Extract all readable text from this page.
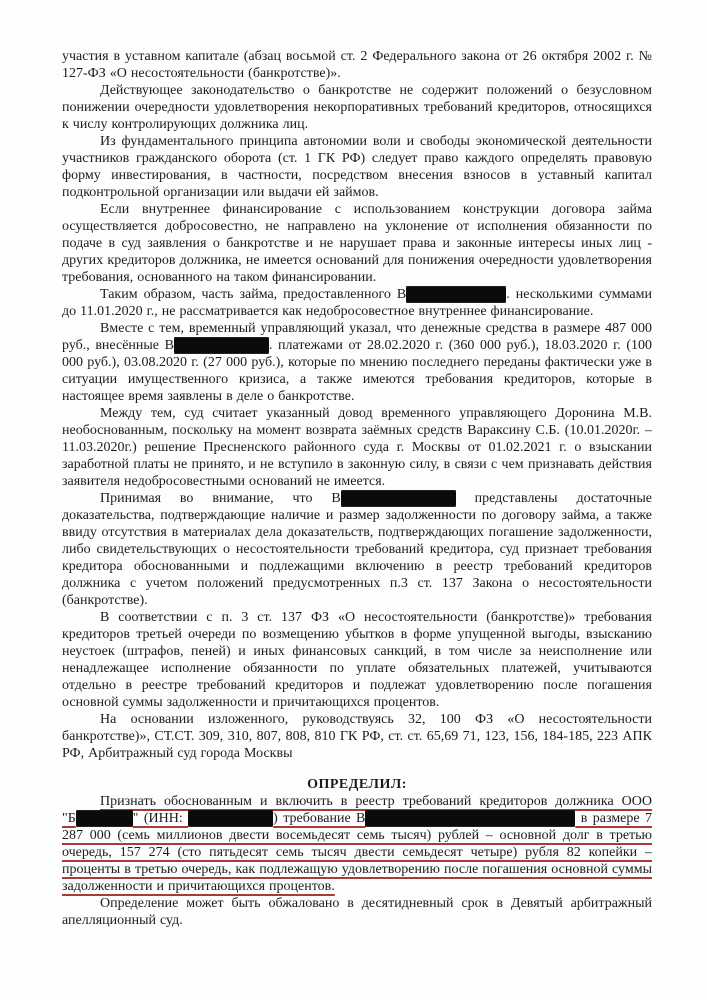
участия в уставном капитале (абзац восьмой ст. 2 Федерального закона от 26 октября 2002 г. № 127-ФЗ «О несостоятельности (банкротстве)».

Действующее законодательство о банкротстве не содержит положений о безусловном понижении очередности удовлетворения некорпоративных требований кредиторов, относящихся к числу контролирующих должника лиц.

Из фундаментального принципа автономии воли и свободы экономической деятельности участников гражданского оборота (ст. 1 ГК РФ) следует право каждого определять правовую форму инвестирования, в частности, посредством внесения взносов в уставный капитал подконтрольной организации или выдачи ей займов.

Если внутреннее финансирование с использованием конструкции договора займа осуществляется добросовестно, не направлено на уклонение от исполнения обязанности по подаче в суд заявления о банкротстве и не нарушает права и законные интересы иных лиц - других кредиторов должника, не имеется оснований для понижения очередности удовлетворения требования, основанного на таком финансировании.

Таким образом, часть займа, предоставленного В	. несколькими суммами до 11.01.2020 г., не рассматривается как недобросовестное внутреннее финансирование.

Вместе с тем, временный управляющий указал, что денежные средства в размере 487 000 руб., внесённые В	. платежами от 28.02.2020 г. (360 000 руб.), 18.03.2020 г. (100 000 руб.), 03.08.2020 г. (27 000 руб.), которые по мнению последнего переданы фактически уже в ситуации имущественного кризиса, а также имеются требования кредиторов, которые в настоящее время заявлены в деле о банкротстве.

Между тем, суд считает указанный довод временного управляющего Доронина М.В. необоснованным, поскольку на момент возврата заёмных средств Вараксину С.Б. (10.01.2020г. – 11.03.2020г.) решение Пресненского районного суда г. Москвы от 01.02.2021 г. о взыскании заработной платы не принято, и не вступило в законную силу, в связи с чем признавать действия заявителя недобросовестными оснований не имеется.

Принимая во внимание, что В	представлены достаточные доказательства, подтверждающие наличие и размер задолженности по договору займа, а также ввиду отсутствия в материалах дела доказательств, подтверждающих погашение задолженности, либо свидетельствующих о несостоятельности требований кредитора, суд признает требования кредитора обоснованными и подлежащими включению в реестр требований кредиторов должника с учетом положений предусмотренных п.3 ст. 137 Закона о несостоятельности (банкротстве).

В соответствии с п. 3 ст. 137 ФЗ «О несостоятельности (банкротстве)» требования кредиторов третьей очереди по возмещению убытков в форме упущенной выгоды, взысканию неустоек (штрафов, пеней) и иных финансовых санкций, в том числе за неисполнение или ненадлежащее исполнение обязанности по уплате обязательных платежей, учитываются отдельно в реестре требований кредиторов и подлежат удовлетворению после погашения основной суммы задолженности и причитающихся процентов.

На основании изложенного, руководствуясь 32, 100 ФЗ «О несостоятельности банкротстве)», СТ.СТ. 309, 310, 807, 808, 810 ГК РФ, ст. ст. 65,69 71, 123, 156, 184-185, 223 АПК РФ, Арбитражный суд города Москвы

ОПРЕДЕЛИЛ:

Признать обоснованным и включить в реестр требований кредиторов должника ООО "Б	" (ИНН:	) требование В	в размере 7 287 000 (семь миллионов двести восемьдесят семь тысяч) рублей – основной долг в третью очередь, 157 274 (сто пятьдесят семь тысяч двести семьдесят четыре) рубля 82 копейки – проценты в третью очередь, как подлежащую удовлетворению после погашения основной суммы задолженности и причитающихся процентов.

Определение может быть обжаловано в десятидневный срок в Девятый арбитражный апелляционный суд.
